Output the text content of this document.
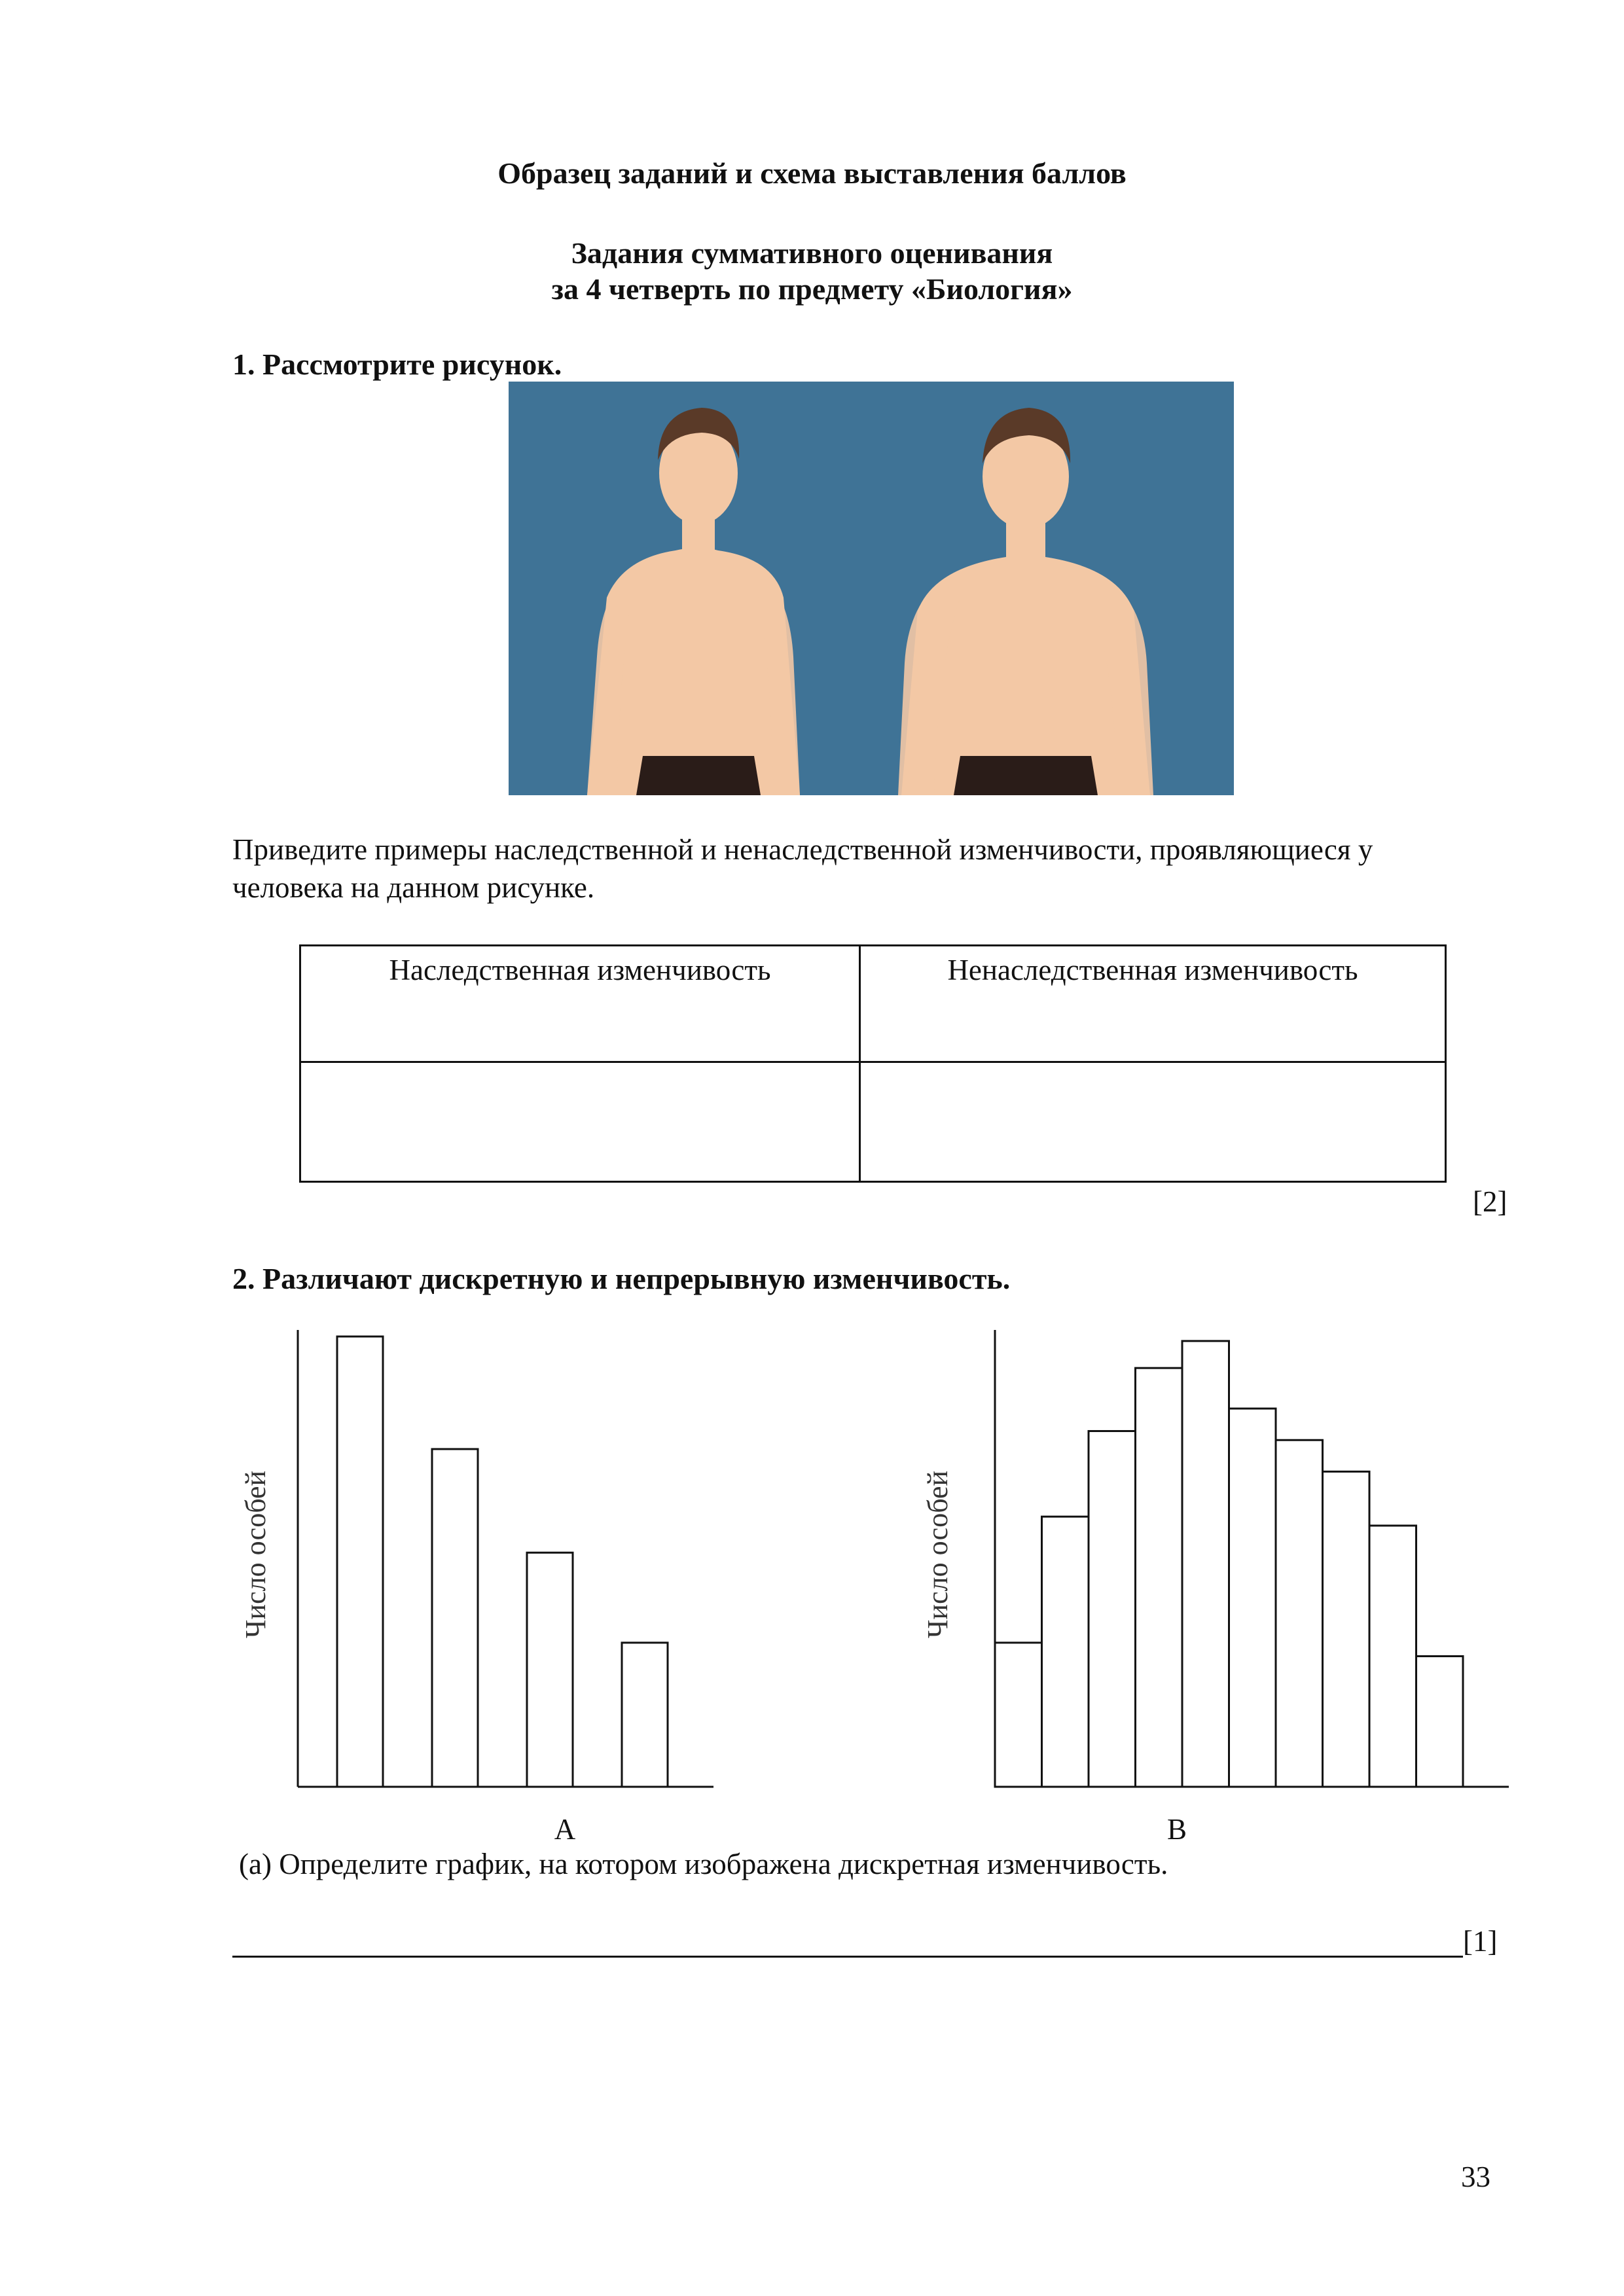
Образец заданий и схема выставления баллов
Задания суммативного оценивания
за 4 четверть по предмету «Биология»
1. Рассмотрите рисунок.
Приведите примеры наследственной и ненаследственной изменчивости, проявляющиеся у
человека на данном рисунке.
Наследственная изменчивость	Ненаследственная изменчивость

[2]
2. Различают дискретную и непрерывную изменчивость.
Число особей
A
Число особей
B
(a) Определите график, на котором изображена дискретная изменчивость.
[1]
33
